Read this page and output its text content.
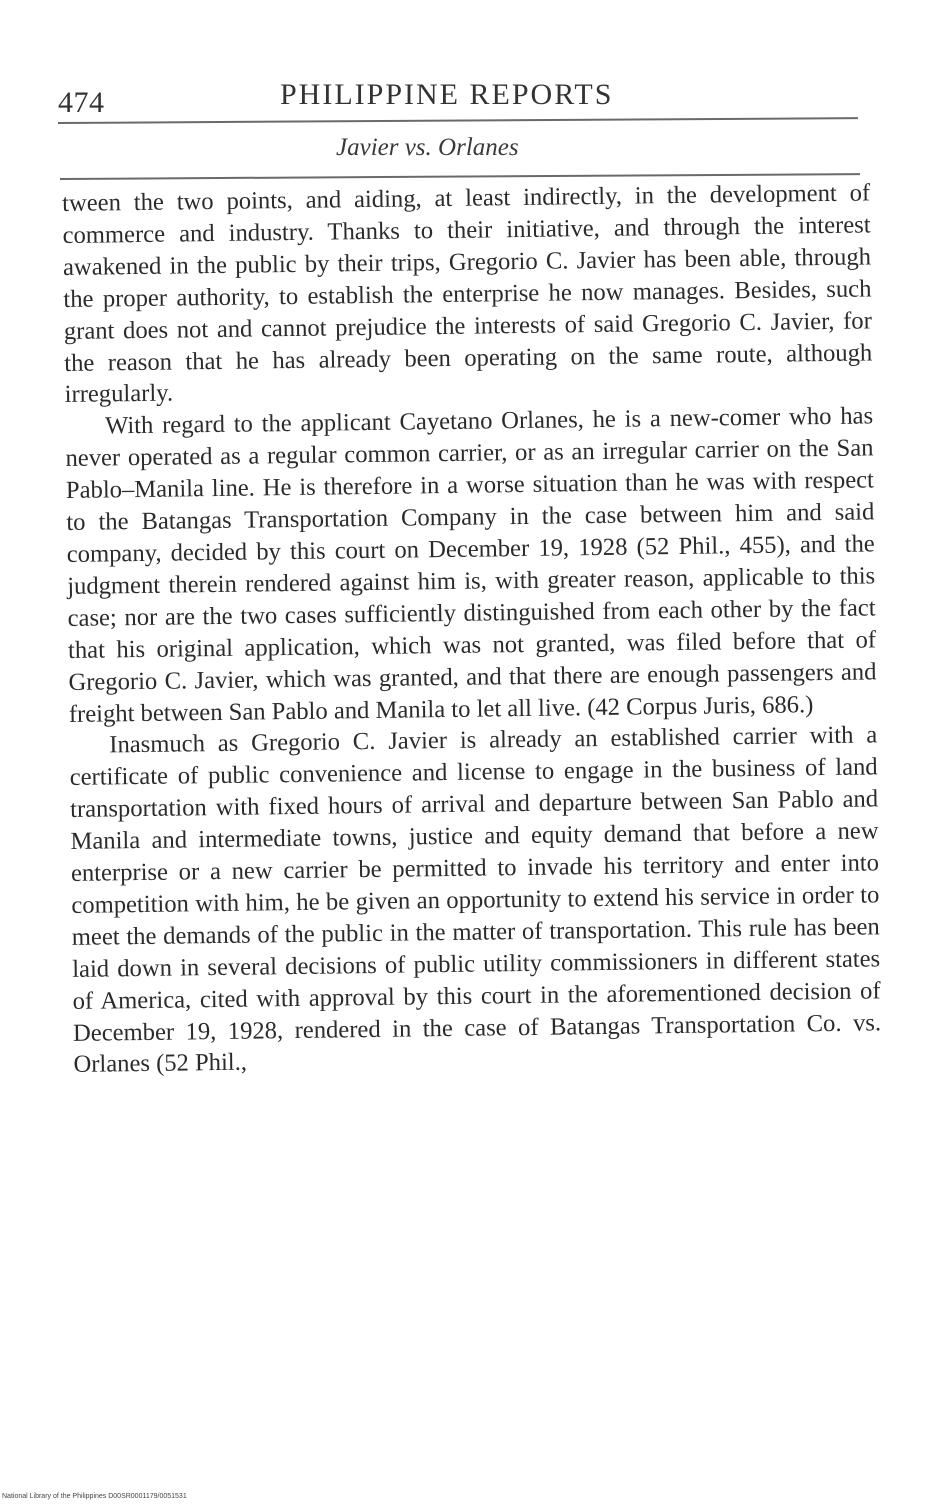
474	PHILIPPINE REPORTS
Javier vs. Orlanes

tween the two points, and aiding, at least indirectly, in the development of commerce and industry. Thanks to their initiative, and through the interest awakened in the public by their trips, Gregorio C. Javier has been able, through the proper authority, to establish the enterprise he now manages. Besides, such grant does not and cannot prejudice the interests of said Gregorio C. Javier, for the reason that he has already been operating on the same route, although irregularly.

With regard to the applicant Cayetano Orlanes, he is a new-comer who has never operated as a regular common carrier, or as an irregular carrier on the San Pablo–Manila line. He is therefore in a worse situation than he was with respect to the Batangas Transportation Company in the case between him and said company, decided by this court on December 19, 1928 (52 Phil., 455), and the judgment therein rendered against him is, with greater reason, applicable to this case; nor are the two cases sufficiently distinguished from each other by the fact that his original application, which was not granted, was filed before that of Gregorio C. Javier, which was granted, and that there are enough passengers and freight between San Pablo and Manila to let all live. (42 Corpus Juris, 686.)

Inasmuch as Gregorio C. Javier is already an established carrier with a certificate of public convenience and license to engage in the business of land transportation with fixed hours of arrival and departure between San Pablo and Manila and intermediate towns, justice and equity demand that before a new enterprise or a new carrier be permitted to invade his territory and enter into competition with him, he be given an opportunity to extend his service in order to meet the demands of the public in the matter of transportation. This rule has been laid down in several decisions of public utility commissioners in different states of America, cited with approval by this court in the aforementioned decision of December 19, 1928, rendered in the case of Batangas Transportation Co. vs. Orlanes (52 Phil.,

National Library of the Philippines D00SR0001179/0051531
